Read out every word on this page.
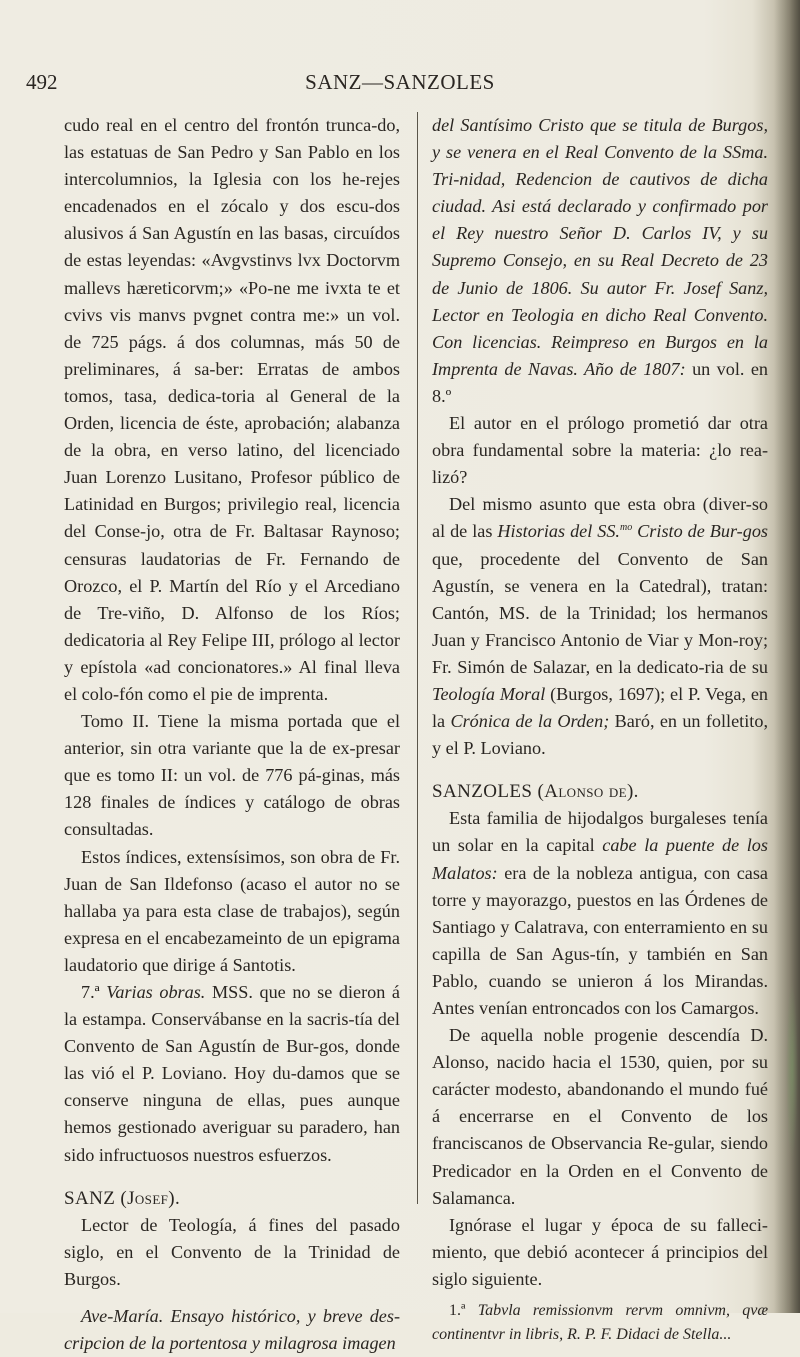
492	SANZ—SANZOLES

cudo real en el centro del frontón trunca-do, las estatuas de San Pedro y San Pablo en los intercolumnios, la Iglesia con los he-rejes encadenados en el zócalo y dos escu-dos alusivos á San Agustín en las basas, circuídos de estas leyendas: «Avgvstinvs lvx Doctorvm mallevs hæreticorvm;» «Po-ne me ivxta te et cvivs vis manvs pvgnet contra me:» un vol. de 725 págs. á dos columnas, más 50 de preliminares, á sa-ber: Erratas de ambos tomos, tasa, dedica-toria al General de la Orden, licencia de éste, aprobación; alabanza de la obra, en verso latino, del licenciado Juan Lorenzo Lusitano, Profesor público de Latinidad en Burgos; privilegio real, licencia del Conse-jo, otra de Fr. Baltasar Raynoso; censuras laudatorias de Fr. Fernando de Orozco, el P. Martín del Río y el Arcediano de Tre-viño, D. Alfonso de los Ríos; dedicatoria al Rey Felipe III, prólogo al lector y epístola «ad concionatores.» Al final lleva el colo-fón como el pie de imprenta.

Tomo II. Tiene la misma portada que el anterior, sin otra variante que la de ex-presar que es tomo II: un vol. de 776 pá-ginas, más 128 finales de índices y catálogo de obras consultadas.

Estos índices, extensísimos, son obra de Fr. Juan de San Ildefonso (acaso el autor no se hallaba ya para esta clase de trabajos), según expresa en el encabezameinto de un epigrama laudatorio que dirige á Santotis.

7.ª Varias obras. MSS. que no se dieron á la estampa. Conservábanse en la sacris-tía del Convento de San Agustín de Bur-gos, donde las vió el P. Loviano. Hoy du-damos que se conserve ninguna de ellas, pues aunque hemos gestionado averiguar su paradero, han sido infructuosos nuestros esfuerzos.

SANZ (Josef).

Lector de Teología, á fines del pasado siglo, en el Convento de la Trinidad de Burgos.

Ave-María. Ensayo histórico, y breve des-cripcion de la portentosa y milagrosa imagen

del Santísimo Cristo que se titula de Burgos, y se venera en el Real Convento de la SSma. Tri-nidad, Redencion de cautivos de dicha ciudad. Asi está declarado y confirmado por el Rey nuestro Señor D. Carlos IV, y su Supremo Consejo, en su Real Decreto de 23 de Junio de 1806. Su autor Fr. Josef Sanz, Lector en Teologia en dicho Real Convento. Con licencias. Reimpreso en Burgos en la Imprenta de Navas. Año de 1807: un vol. en 8.º

El autor en el prólogo prometió dar otra obra fundamental sobre la materia: ¿lo rea-lizó?

Del mismo asunto que esta obra (diver-so al de las Historias del SS.$^{mo}$ Cristo de Bur-gos que, procedente del Convento de San Agustín, se venera en la Catedral), tratan: Cantón, MS. de la Trinidad; los hermanos Juan y Francisco Antonio de Viar y Mon-roy; Fr. Simón de Salazar, en la dedicato-ria de su Teología Moral (Burgos, 1697); el P. Vega, en la Crónica de la Orden; Baró, en un folletito, y el P. Loviano.

SANZOLES (Alonso de).

Esta familia de hijodalgos burgaleses tenía un solar en la capital cabe la puente de los Malatos: era de la nobleza antigua, con casa torre y mayorazgo, puestos en las Órdenes de Santiago y Calatrava, con enterramiento en su capilla de San Agus-tín, y también en San Pablo, cuando se unieron á los Mirandas. Antes venían entroncados con los Camargos.

De aquella noble progenie descendía D. Alonso, nacido hacia el 1530, quien, por su carácter modesto, abandonando el mundo fué á encerrarse en el Convento de los franciscanos de Observancia Re-gular, siendo Predicador en la Orden en el Convento de Salamanca.

Ignórase el lugar y época de su falleci-miento, que debió acontecer á principios del siglo siguiente.

1.ª Tabvla remissionvm rervm omnivm, qvæ continentvr in libris, R. P. F. Didaci de Stella...
